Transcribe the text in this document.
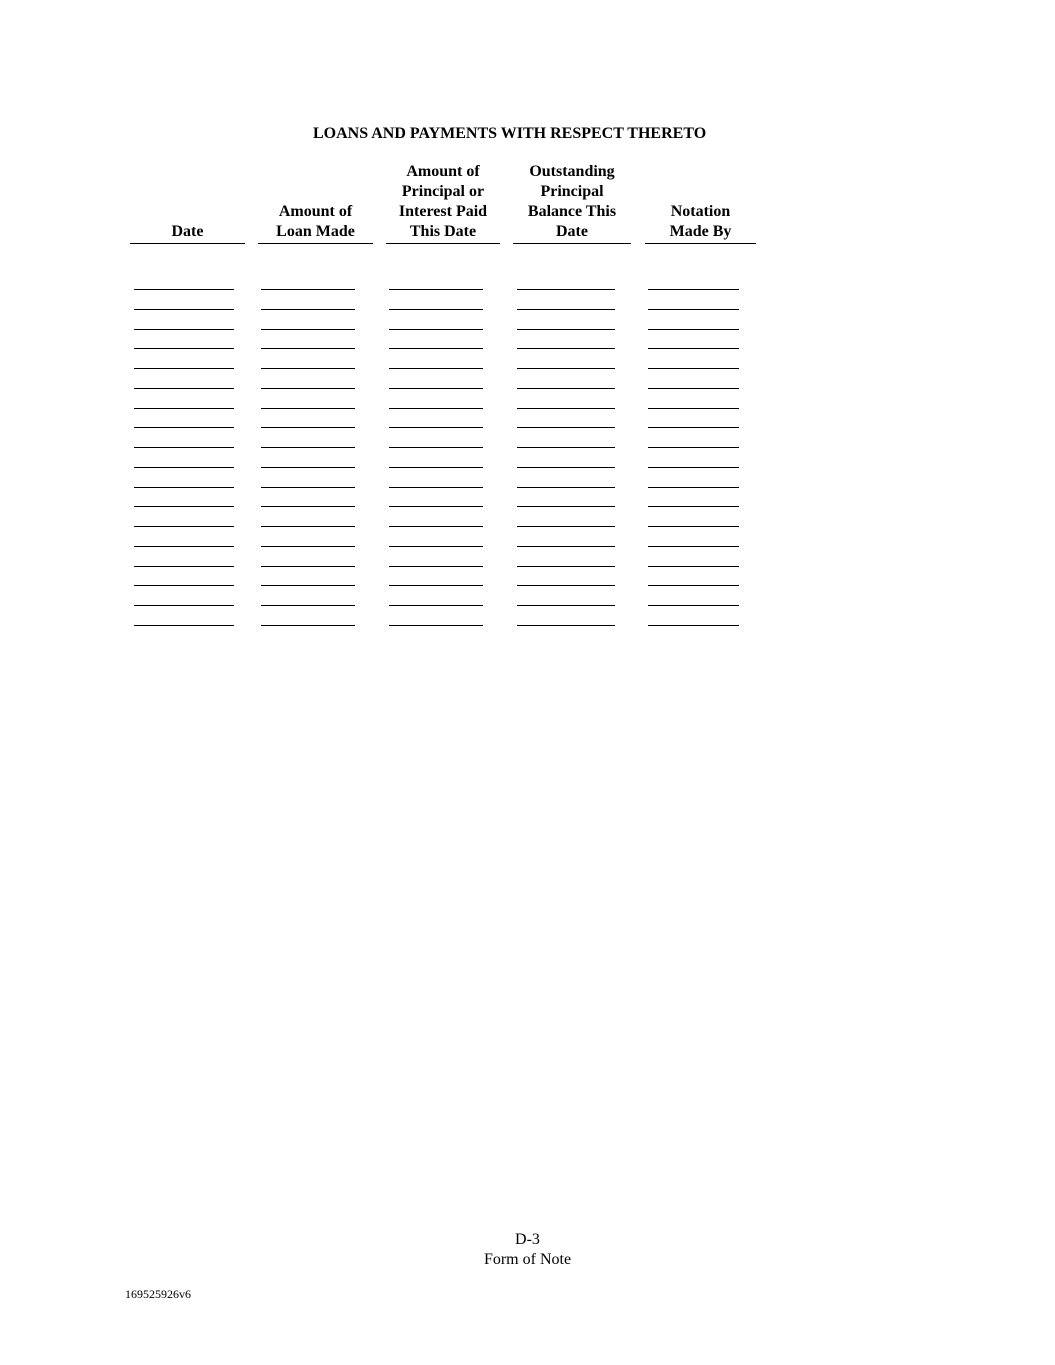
LOANS AND PAYMENTS WITH RESPECT THERETO
Date
Amount of
Loan Made
Amount of
Principal or
Interest Paid
This Date
Outstanding
Principal
Balance This
Date
Notation
Made By
D-3
Form of Note
169525926v6
